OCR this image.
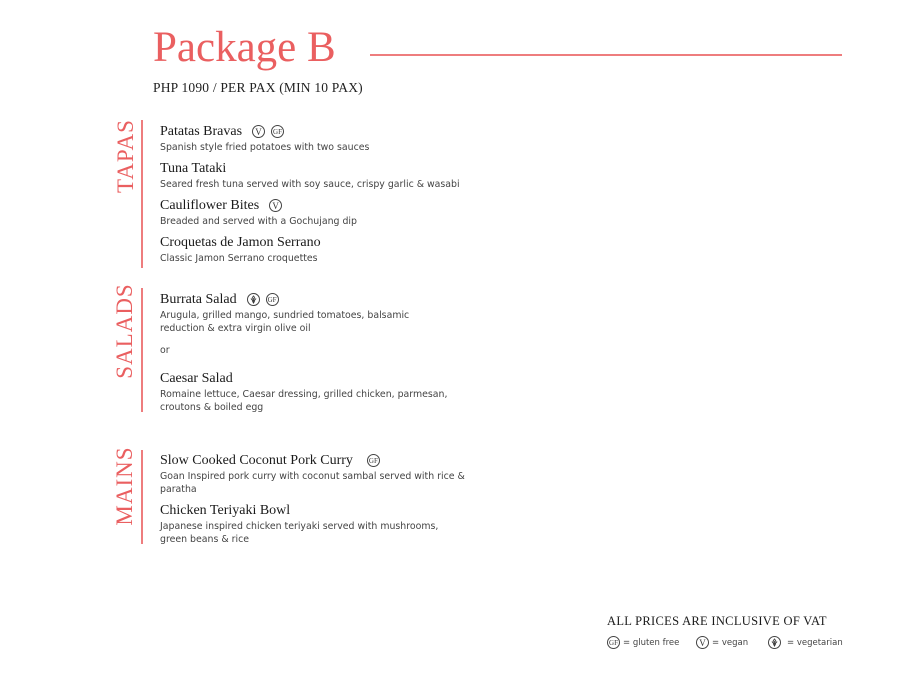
Package B
PHP 1090 / PER PAX (MIN 10 PAX)
TAPAS Patatas Bravas	V	GF
Spanish style fried potatoes with two sauces
Tuna Tataki
Seared fresh tuna served with soy sauce, crispy garlic & wasabi
Cauliflower Bites	V
Breaded and served with a Gochujang dip
Croquetas de Jamon Serrano
Classic Jamon Serrano croquettes
SALADS Burrata Salad	GF
Arugula, grilled mango, sundried tomatoes, balsamic reduction & extra virgin olive oil
or
Caesar Salad
Romaine lettuce, Caesar dressing, grilled chicken, parmesan, croutons & boiled egg
MAINS Slow Cooked Coconut Pork Curry GF
Goan Inspired pork curry with coconut sambal served with rice & paratha
Chicken Teriyaki Bowl
Japanese inspired chicken teriyaki served with mushrooms, green beans & rice
ALL PRICES ARE INCLUSIVE OF VAT
GF = gluten free	V = vegan	= vegetarian
